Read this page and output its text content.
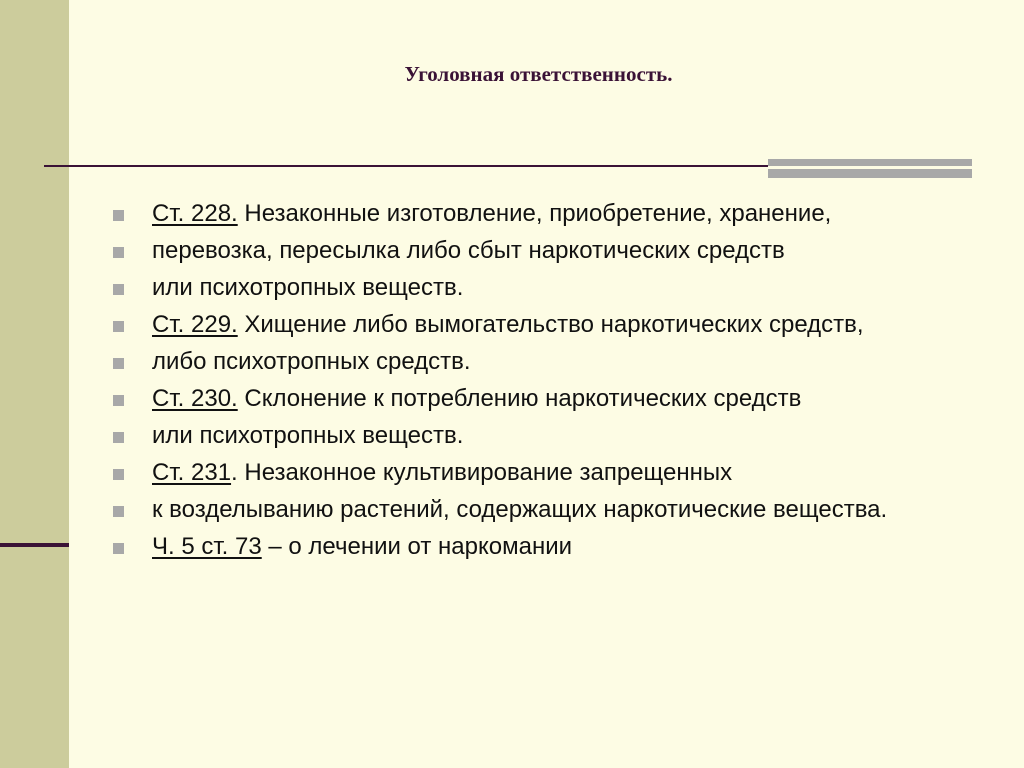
Уголовная ответственность.
Ст. 228. Незаконные изготовление, приобретение, хранение,
перевозка, пересылка либо сбыт наркотических средств
или психотропных веществ.
Ст. 229. Хищение либо вымогательство наркотических средств,
либо психотропных средств.
Ст. 230. Склонение к потреблению наркотических средств
или психотропных веществ.
Ст. 231. Незаконное культивирование запрещенных
к возделыванию растений, содержащих наркотические вещества.
Ч. 5 ст. 73 – о лечении от наркомании
